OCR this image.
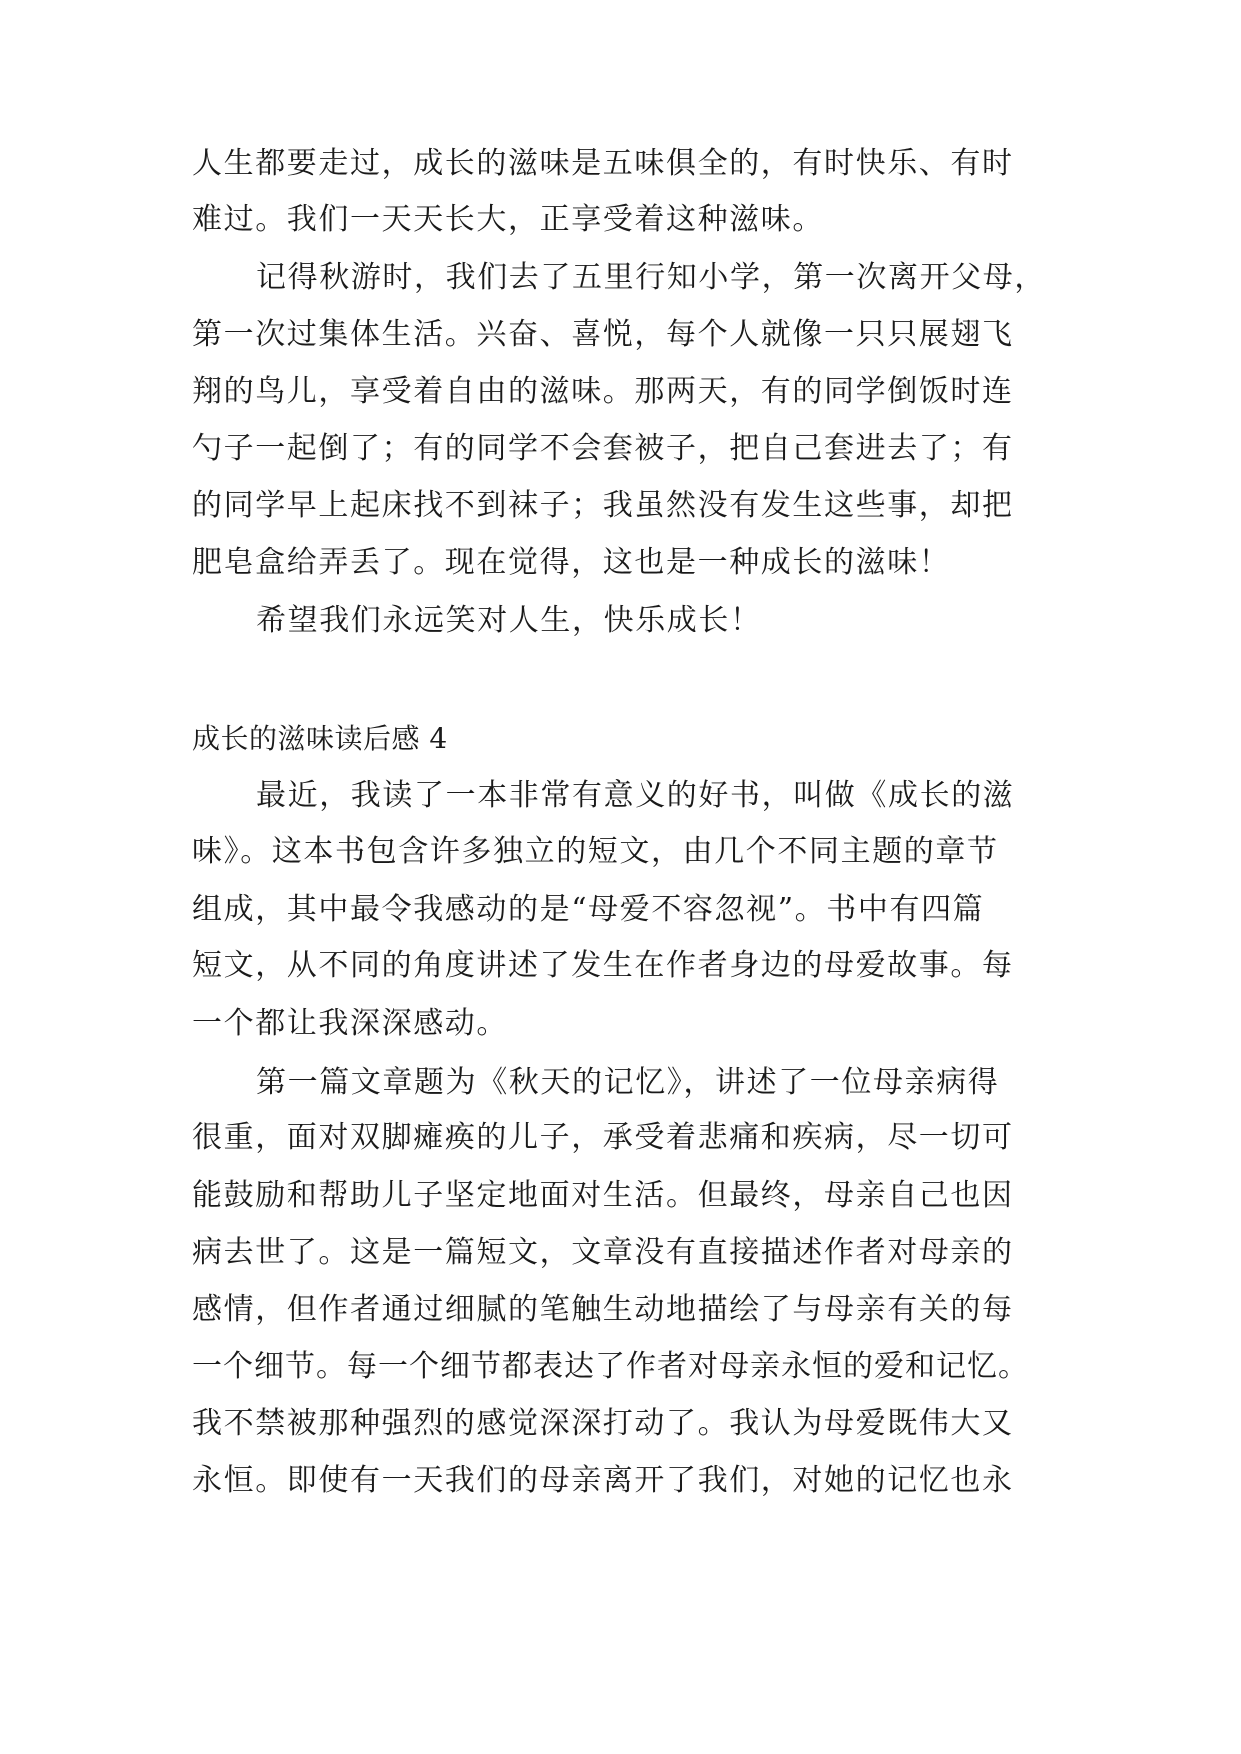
人生都要走过，成长的滋味是五味俱全的，有时快乐、有时
难过。我们一天天长大，正享受着这种滋味。
记得秋游时，我们去了五里行知小学，第一次离开父母，
第一次过集体生活。兴奋、喜悦，每个人就像一只只展翅飞
翔的鸟儿，享受着自由的滋味。那两天，有的同学倒饭时连
勺子一起倒了；有的同学不会套被子，把自己套进去了；有
的同学早上起床找不到袜子；我虽然没有发生这些事，却把
肥皂盒给弄丢了。现在觉得，这也是一种成长的滋味！
希望我们永远笑对人生，快乐成长！
成长的滋味读后感 4
最近，我读了一本非常有意义的好书，叫做《成长的滋
味》。这本书包含许多独立的短文，由几个不同主题的章节
组成，其中最令我感动的是“母爱不容忽视”。书中有四篇
短文，从不同的角度讲述了发生在作者身边的母爱故事。每
一个都让我深深感动。
第一篇文章题为《秋天的记忆》，讲述了一位母亲病得
很重，面对双脚瘫痪的儿子，承受着悲痛和疾病，尽一切可
能鼓励和帮助儿子坚定地面对生活。但最终，母亲自己也因
病去世了。这是一篇短文，文章没有直接描述作者对母亲的
感情，但作者通过细腻的笔触生动地描绘了与母亲有关的每
一个细节。每一个细节都表达了作者对母亲永恒的爱和记忆。
我不禁被那种强烈的感觉深深打动了。我认为母爱既伟大又
永恒。即使有一天我们的母亲离开了我们，对她的记忆也永
